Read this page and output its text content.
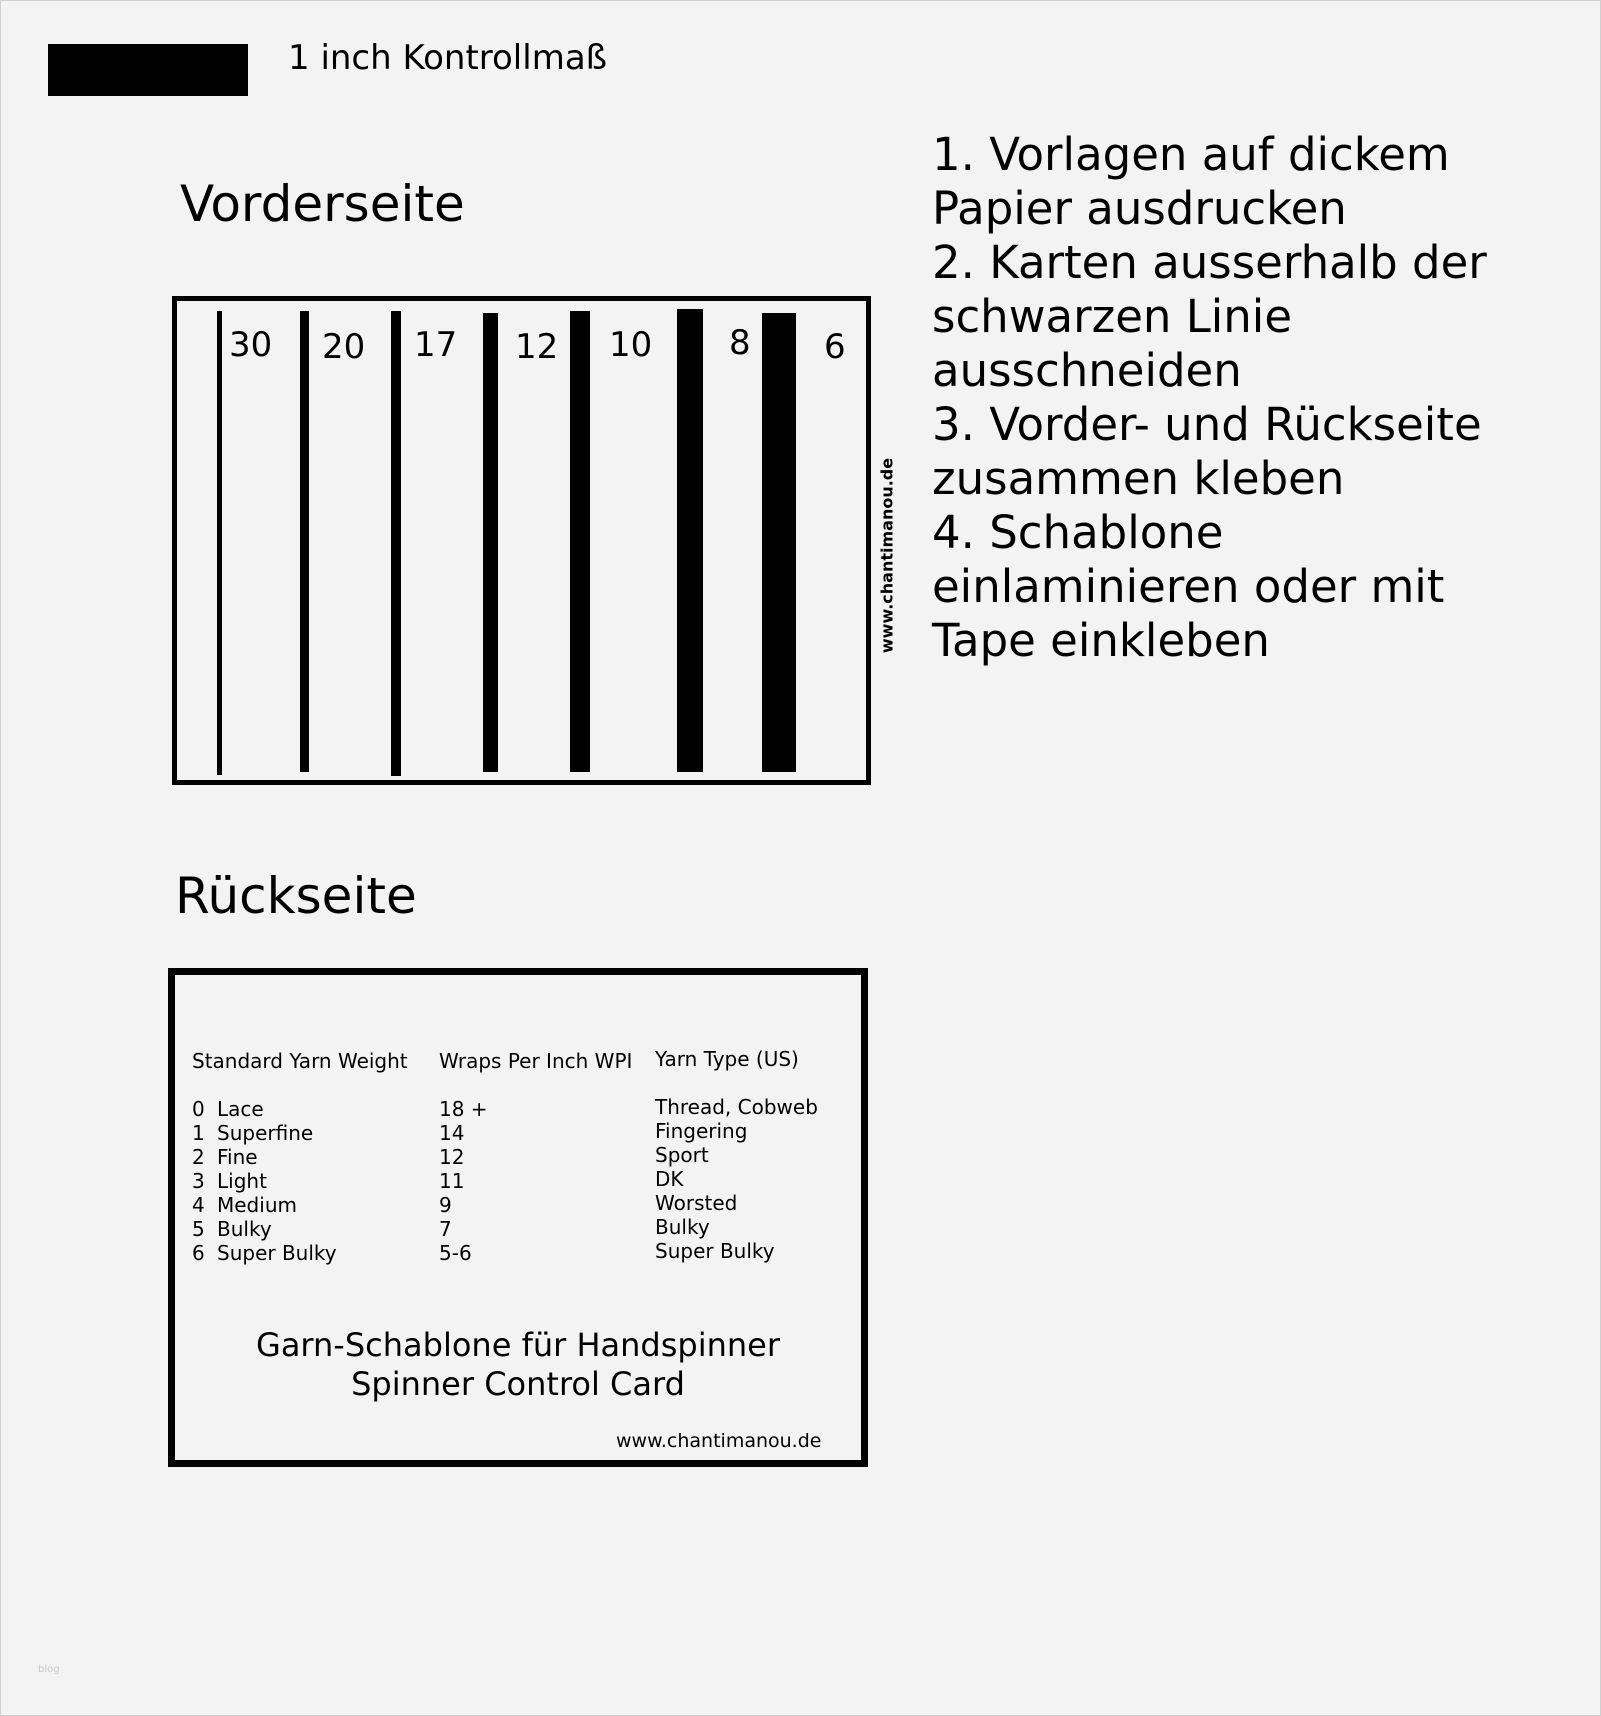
1 inch Kontrollmaß
Vorderseite
30 20 17 12 10 8 6
www.chantimanou.de
1. Vorlagen auf dickem
Papier ausdrucken
2. Karten ausserhalb der
schwarzen Linie
ausschneiden
3. Vorder- und Rückseite
zusammen kleben
4. Schablone
einlaminieren oder mit
Tape einkleben
Rückseite
Standard Yarn Weight Wraps Per Inch WPI Yarn Type (US)
0 Lace
1 Superfine
2 Fine
3 Light
4 Medium
5 Bulky
6 Super Bulky
18 +
14
12
11
9
7
5-6
Thread, Cobweb
Fingering
Sport
DK
Worsted
Bulky
Super Bulky
Garn-Schablone für Handspinner
Spinner Control Card
www.chantimanou.de
blog
